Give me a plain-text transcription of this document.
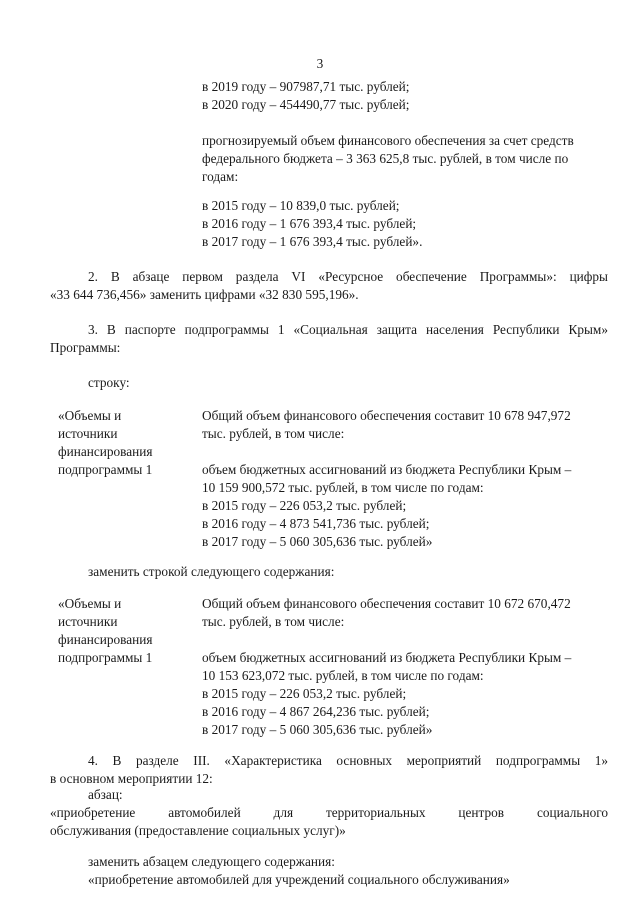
3
в 2019 году – 907987,71 тыс. рублей;
в 2020 году – 454490,77 тыс. рублей;
прогнозируемый объем финансового обеспечения за счет средств
федерального бюджета – 3 363 625,8 тыс. рублей, в том числе по
годам:
в 2015 году – 10 839,0 тыс. рублей;
в 2016 году – 1 676 393,4 тыс. рублей;
в 2017 году – 1 676 393,4 тыс. рублей».
2. В абзаце первом раздела VI «Ресурсное обеспечение Программы»: цифры
«33 644 736,456» заменить цифрами «32 830 595,196».
3. В паспорте подпрограммы 1 «Социальная защита населения Республики Крым»
Программы:
строку:
«Объемы и
источники
финансирования
подпрограммы 1
Общий объем финансового обеспечения составит 10 678 947,972
тыс. рублей, в том числе:
объем бюджетных ассигнований из бюджета Республики Крым –
10 159 900,572 тыс. рублей, в том числе по годам:
в 2015 году – 226 053,2 тыс. рублей;
в 2016 году – 4 873 541,736 тыс. рублей;
в 2017 году – 5 060 305,636 тыс. рублей»
заменить строкой следующего содержания:
«Объемы и
источники
финансирования
подпрограммы 1
Общий объем финансового обеспечения составит 10 672 670,472
тыс. рублей, в том числе:
объем бюджетных ассигнований из бюджета Республики Крым –
10 153 623,072 тыс. рублей, в том числе по годам:
в 2015 году – 226 053,2 тыс. рублей;
в 2016 году – 4 867 264,236 тыс. рублей;
в 2017 году – 5 060 305,636 тыс. рублей»
4. В разделе III. «Характеристика основных мероприятий подпрограммы 1»
в основном мероприятии 12:
абзац:
«приобретение автомобилей для территориальных центров социального
обслуживания (предоставление социальных услуг)»
заменить абзацем следующего содержания:
«приобретение автомобилей для учреждений социального обслуживания»
